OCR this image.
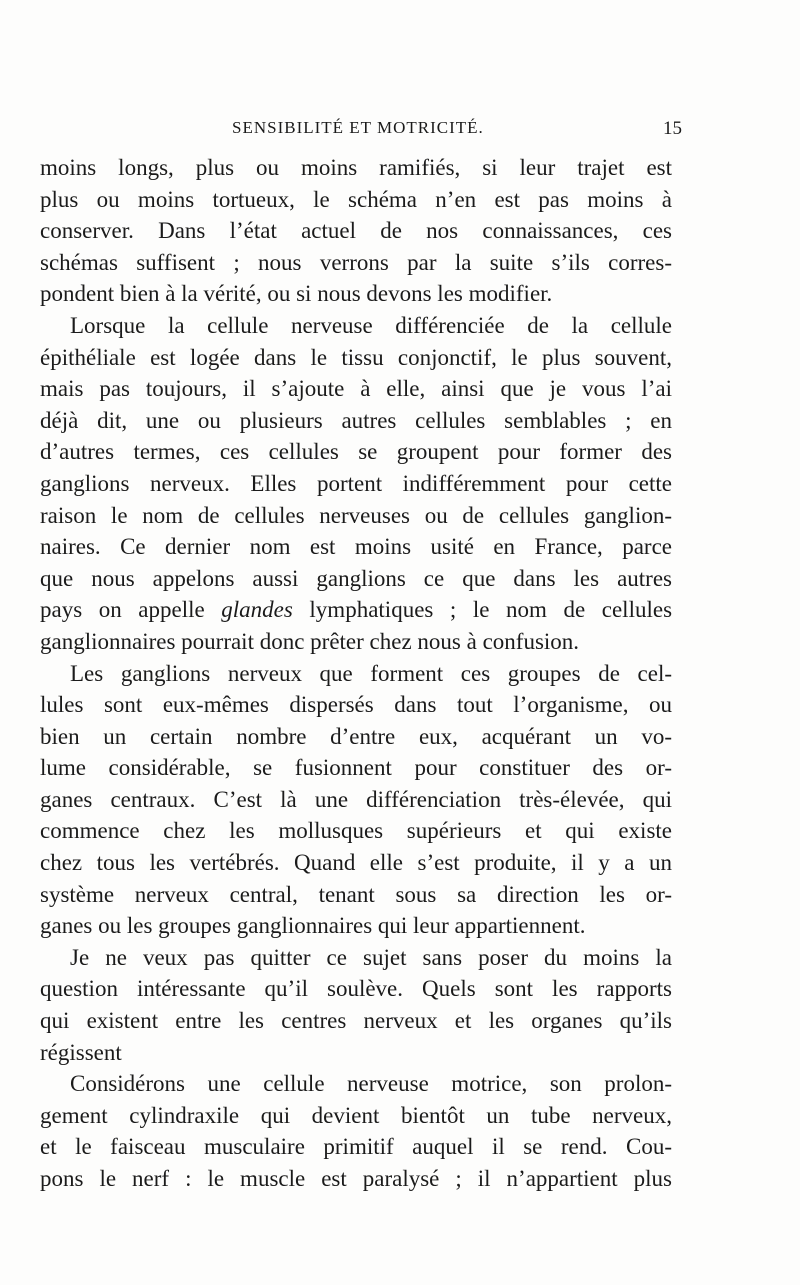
SENSIBILITÉ ET MOTRICITÉ.	15
moins longs, plus ou moins ramifiés, si leur trajet est
plus ou moins tortueux, le schéma n’en est pas moins à
conserver. Dans l’état actuel de nos connaissances, ces
schémas suffisent ; nous verrons par la suite s’ils corres-
pondent bien à la vérité, ou si nous devons les modifier.
Lorsque la cellule nerveuse différenciée de la cellule
épithéliale est logée dans le tissu conjonctif, le plus souvent,
mais pas toujours, il s’ajoute à elle, ainsi que je vous l’ai
déjà dit, une ou plusieurs autres cellules semblables ; en
d’autres termes, ces cellules se groupent pour former des
ganglions nerveux. Elles portent indifféremment pour cette
raison le nom de cellules nerveuses ou de cellules ganglion-
naires. Ce dernier nom est moins usité en France, parce
que nous appelons aussi ganglions ce que dans les autres
pays on appelle glandes lymphatiques ; le nom de cellules
ganglionnaires pourrait donc prêter chez nous à confusion.
Les ganglions nerveux que forment ces groupes de cel-
lules sont eux-mêmes dispersés dans tout l’organisme, ou
bien un certain nombre d’entre eux, acquérant un vo-
lume considérable, se fusionnent pour constituer des or-
ganes centraux. C’est là une différenciation très-élevée, qui
commence chez les mollusques supérieurs et qui existe
chez tous les vertébrés. Quand elle s’est produite, il y a un
système nerveux central, tenant sous sa direction les or-
ganes ou les groupes ganglionnaires qui leur appartiennent.
Je ne veux pas quitter ce sujet sans poser du moins la
question intéressante qu’il soulève. Quels sont les rapports
qui existent entre les centres nerveux et les organes qu’ils
régissent
Considérons une cellule nerveuse motrice, son prolon-
gement cylindraxile qui devient bientôt un tube nerveux,
et le faisceau musculaire primitif auquel il se rend. Cou-
pons le nerf : le muscle est paralysé ; il n’appartient plus
